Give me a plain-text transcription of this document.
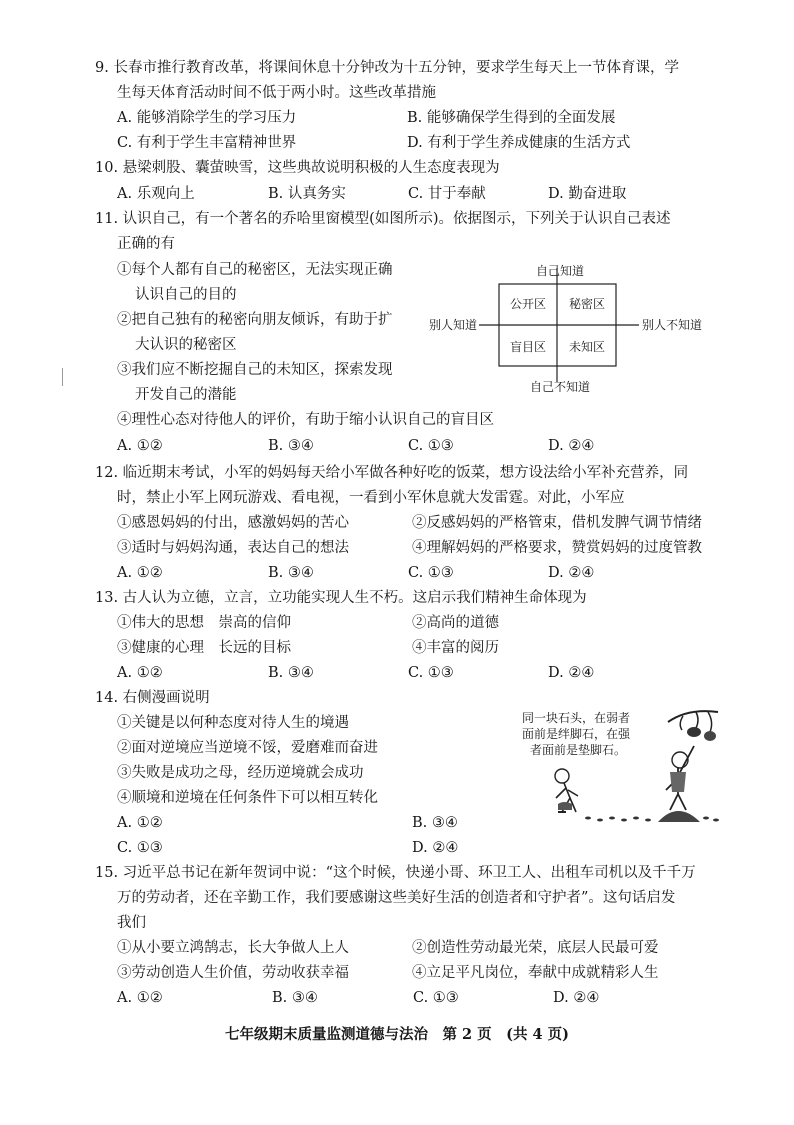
9. 长春市推行教育改革，将课间休息十分钟改为十五分钟，要求学生每天上一节体育课，学
生每天体育活动时间不低于两小时。这些改革措施
A. 能够消除学生的学习压力	B. 能够确保学生得到的全面发展
C. 有利于学生丰富精神世界	D. 有利于学生养成健康的生活方式
10. 悬梁刺股、囊萤映雪，这些典故说明积极的人生态度表现为
A. 乐观向上	B. 认真务实	C. 甘于奉献	D. 勤奋进取
11. 认识自己，有一个著名的乔哈里窗模型(如图所示)。依据图示，下列关于认识自己表述
正确的有
①每个人都有自己的秘密区，无法实现正确
认识自己的目的
②把自己独有的秘密向朋友倾诉，有助于扩
大认识的秘密区
③我们应不断挖掘自己的未知区，探索发现
开发自己的潜能
④理性心态对待他人的评价，有助于缩小认识自己的盲目区
A. ①②	B. ③④	C. ①③	D. ②④
自己知道
自己不知道
别人知道	别人不知道
公开区 秘密区
盲目区 未知区
12. 临近期末考试，小军的妈妈每天给小军做各种好吃的饭菜，想方设法给小军补充营养，同
时，禁止小军上网玩游戏、看电视，一看到小军休息就大发雷霆。对此，小军应
①感恩妈妈的付出，感激妈妈的苦心	②反感妈妈的严格管束，借机发脾气调节情绪
③适时与妈妈沟通，表达自己的想法	④理解妈妈的严格要求，赞赏妈妈的过度管教
A. ①②	B. ③④	C. ①③	D. ②④
13. 古人认为立德，立言，立功能实现人生不朽。这启示我们精神生命体现为
①伟大的思想　崇高的信仰	②高尚的道德
③健康的心理　长远的目标	④丰富的阅历
A. ①②	B. ③④	C. ①③	D. ②④
14. 右侧漫画说明
①关键是以何种态度对待人生的境遇
②面对逆境应当逆境不馁，爱磨难而奋进
③失败是成功之母，经历逆境就会成功
④顺境和逆境在任何条件下可以相互转化
A. ①②	B. ③④
C. ①③	D. ②④
同一块石头，在弱者
面前是绊脚石，在强
者面前是垫脚石。
15. 习近平总书记在新年贺词中说：“这个时候，快递小哥、环卫工人、出租车司机以及千千万
万的劳动者，还在辛勤工作，我们要感谢这些美好生活的创造者和守护者”。这句话启发
我们
①从小要立鸿鹄志，长大争做人上人	②创造性劳动最光荣，底层人民最可爱
③劳动创造人生价值，劳动收获幸福	④立足平凡岗位，奉献中成就精彩人生
A. ①②	B. ③④	C. ①③	D. ②④
七年级期末质量监测道德与法治　第 2 页　(共 4 页)
